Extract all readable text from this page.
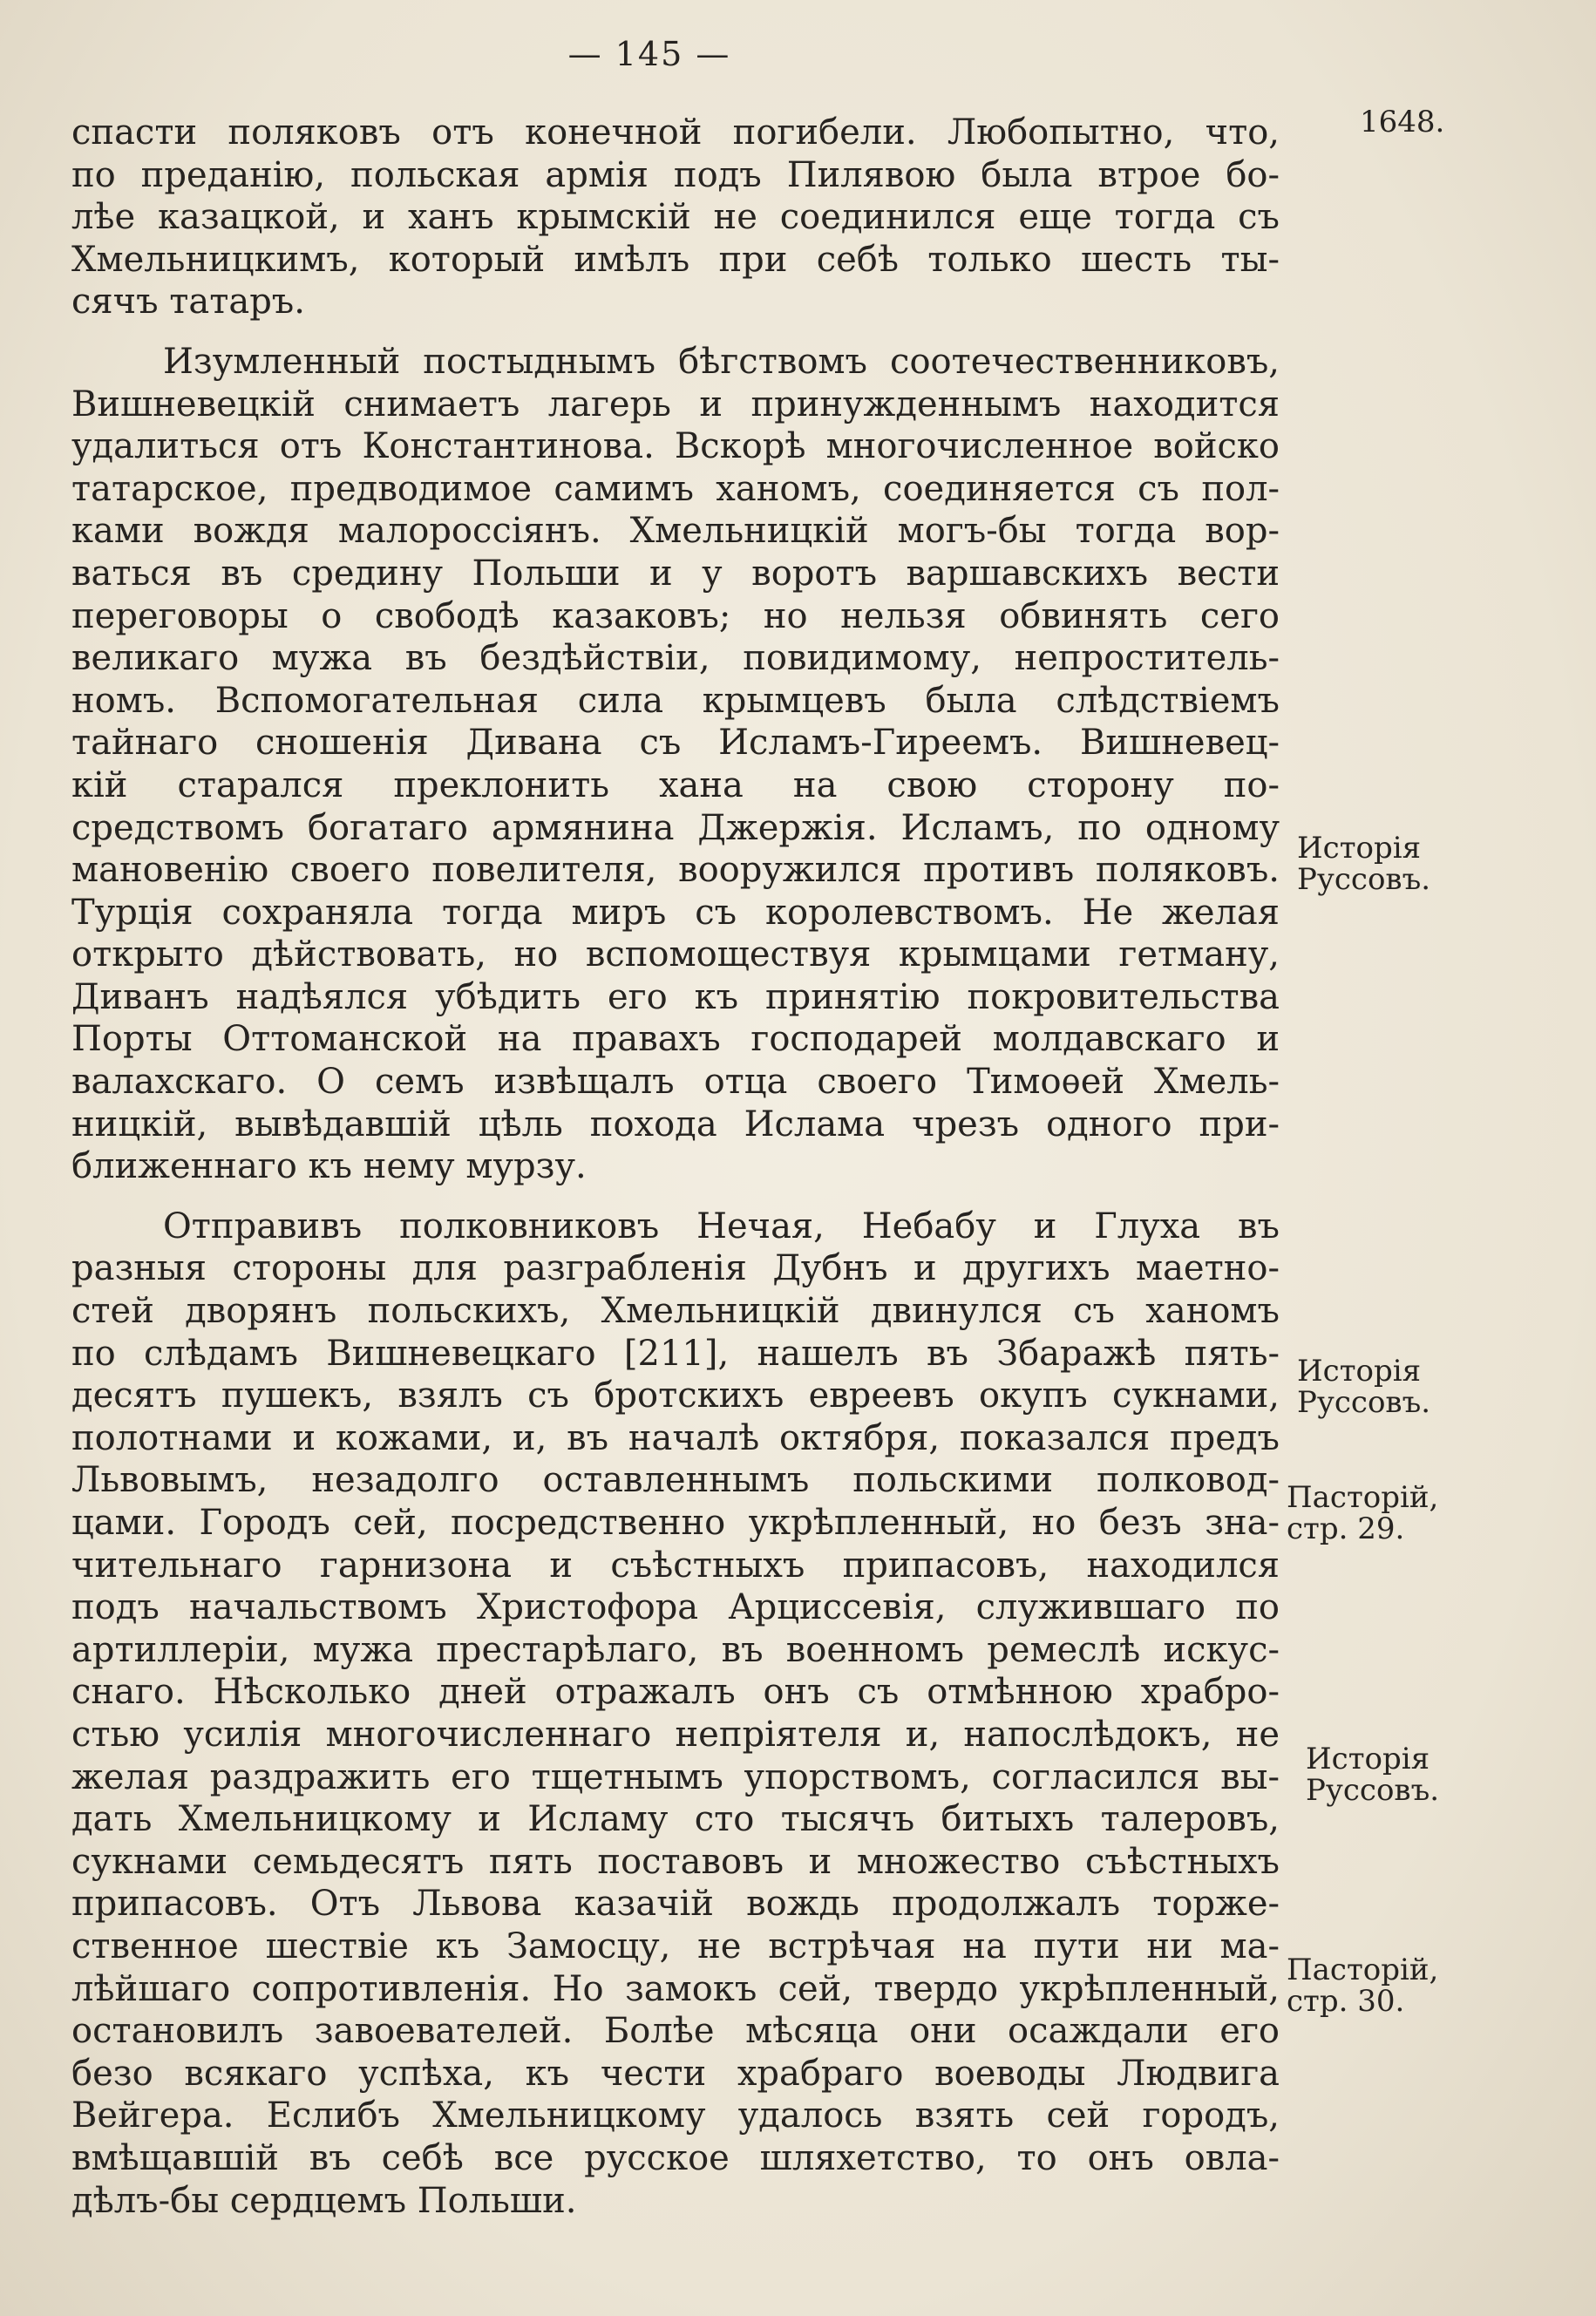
— 145 —
спасти поляковъ отъ конечной погибели. Любопытно, что,
по преданію, польская армія подъ Пилявою была втрое бо-
лѣе казацкой, и ханъ крымскій не соединился еще тогда съ
Хмельницкимъ, который имѣлъ при себѣ только шесть ты-
сячъ татаръ.
Изумленный постыднымъ бѣгствомъ соотечественниковъ,
Вишневецкій снимаетъ лагерь и принужденнымъ находится
удалиться отъ Константинова. Вскорѣ многочисленное войско
татарское, предводимое самимъ ханомъ, соединяется съ пол-
ками вождя малороссіянъ. Хмельницкій могъ-бы тогда вор-
ваться въ средину Польши и у воротъ варшавскихъ вести
переговоры о свободѣ казаковъ; но нельзя обвинять сего
великаго мужа въ бездѣйствіи, повидимому, непроститель-
номъ. Вспомогательная сила крымцевъ была слѣдствіемъ
тайнаго сношенія Дивана съ Исламъ-Гиреемъ. Вишневец-
кій старался преклонить хана на свою сторону по-
средствомъ богатаго армянина Джержія. Исламъ, по одному
мановенію своего повелителя, вооружился противъ поляковъ.
Турція сохраняла тогда миръ съ королевствомъ. Не желая
открыто дѣйствовать, но вспомоществуя крымцами гетману,
Диванъ надѣялся убѣдить его къ принятію покровительства
Порты Оттоманской на правахъ господарей молдавскаго и
валахскаго. О семъ извѣщалъ отца своего Тимоѳей Хмель-
ницкій, вывѣдавшій цѣль похода Ислама чрезъ одного при-
ближеннаго къ нему мурзу.
Отправивъ полковниковъ Нечая, Небабу и Глуха въ
разныя стороны для разграбленія Дубнъ и другихъ маетно-
стей дворянъ польскихъ, Хмельницкій двинулся съ ханомъ
по слѣдамъ Вишневецкаго [211], нашелъ въ Збаражѣ пять-
десятъ пушекъ, взялъ съ бротскихъ евреевъ окупъ сукнами,
полотнами и кожами, и, въ началѣ октября, показался предъ
Львовымъ, незадолго оставленнымъ польскими полковод-
цами. Городъ сей, посредственно укрѣпленный, но безъ зна-
чительнаго гарнизона и съѣстныхъ припасовъ, находился
подъ начальствомъ Христофора Арциссевія, служившаго по
артиллеріи, мужа престарѣлаго, въ военномъ ремеслѣ искус-
снаго. Нѣсколько дней отражалъ онъ съ отмѣнною храбро-
стью усилія многочисленнаго непріятеля и, напослѣдокъ, не
желая раздражить его тщетнымъ упорствомъ, согласился вы-
дать Хмельницкому и Исламу сто тысячъ битыхъ талеровъ,
сукнами семьдесятъ пять поставовъ и множество съѣстныхъ
припасовъ. Отъ Львова казачій вождь продолжалъ торже-
ственное шествіе къ Замосцу, не встрѣчая на пути ни ма-
лѣйшаго сопротивленія. Но замокъ сей, твердо укрѣпленный,
остановилъ завоевателей. Болѣе мѣсяца они осаждали его
безо всякаго успѣха, къ чести храбраго воеводы Людвига
Вейгера. Еслибъ Хмельницкому удалось взять сей городъ,
вмѣщавшій въ себѣ все русское шляхетство, то онъ овла-
дѣлъ-бы сердцемъ Польши.
1648.
Исторія
Руссовъ.
Исторія
Руссовъ.
Пасторій,
стр. 29.
Исторія
Руссовъ.
Пасторій,
стр. 30.
